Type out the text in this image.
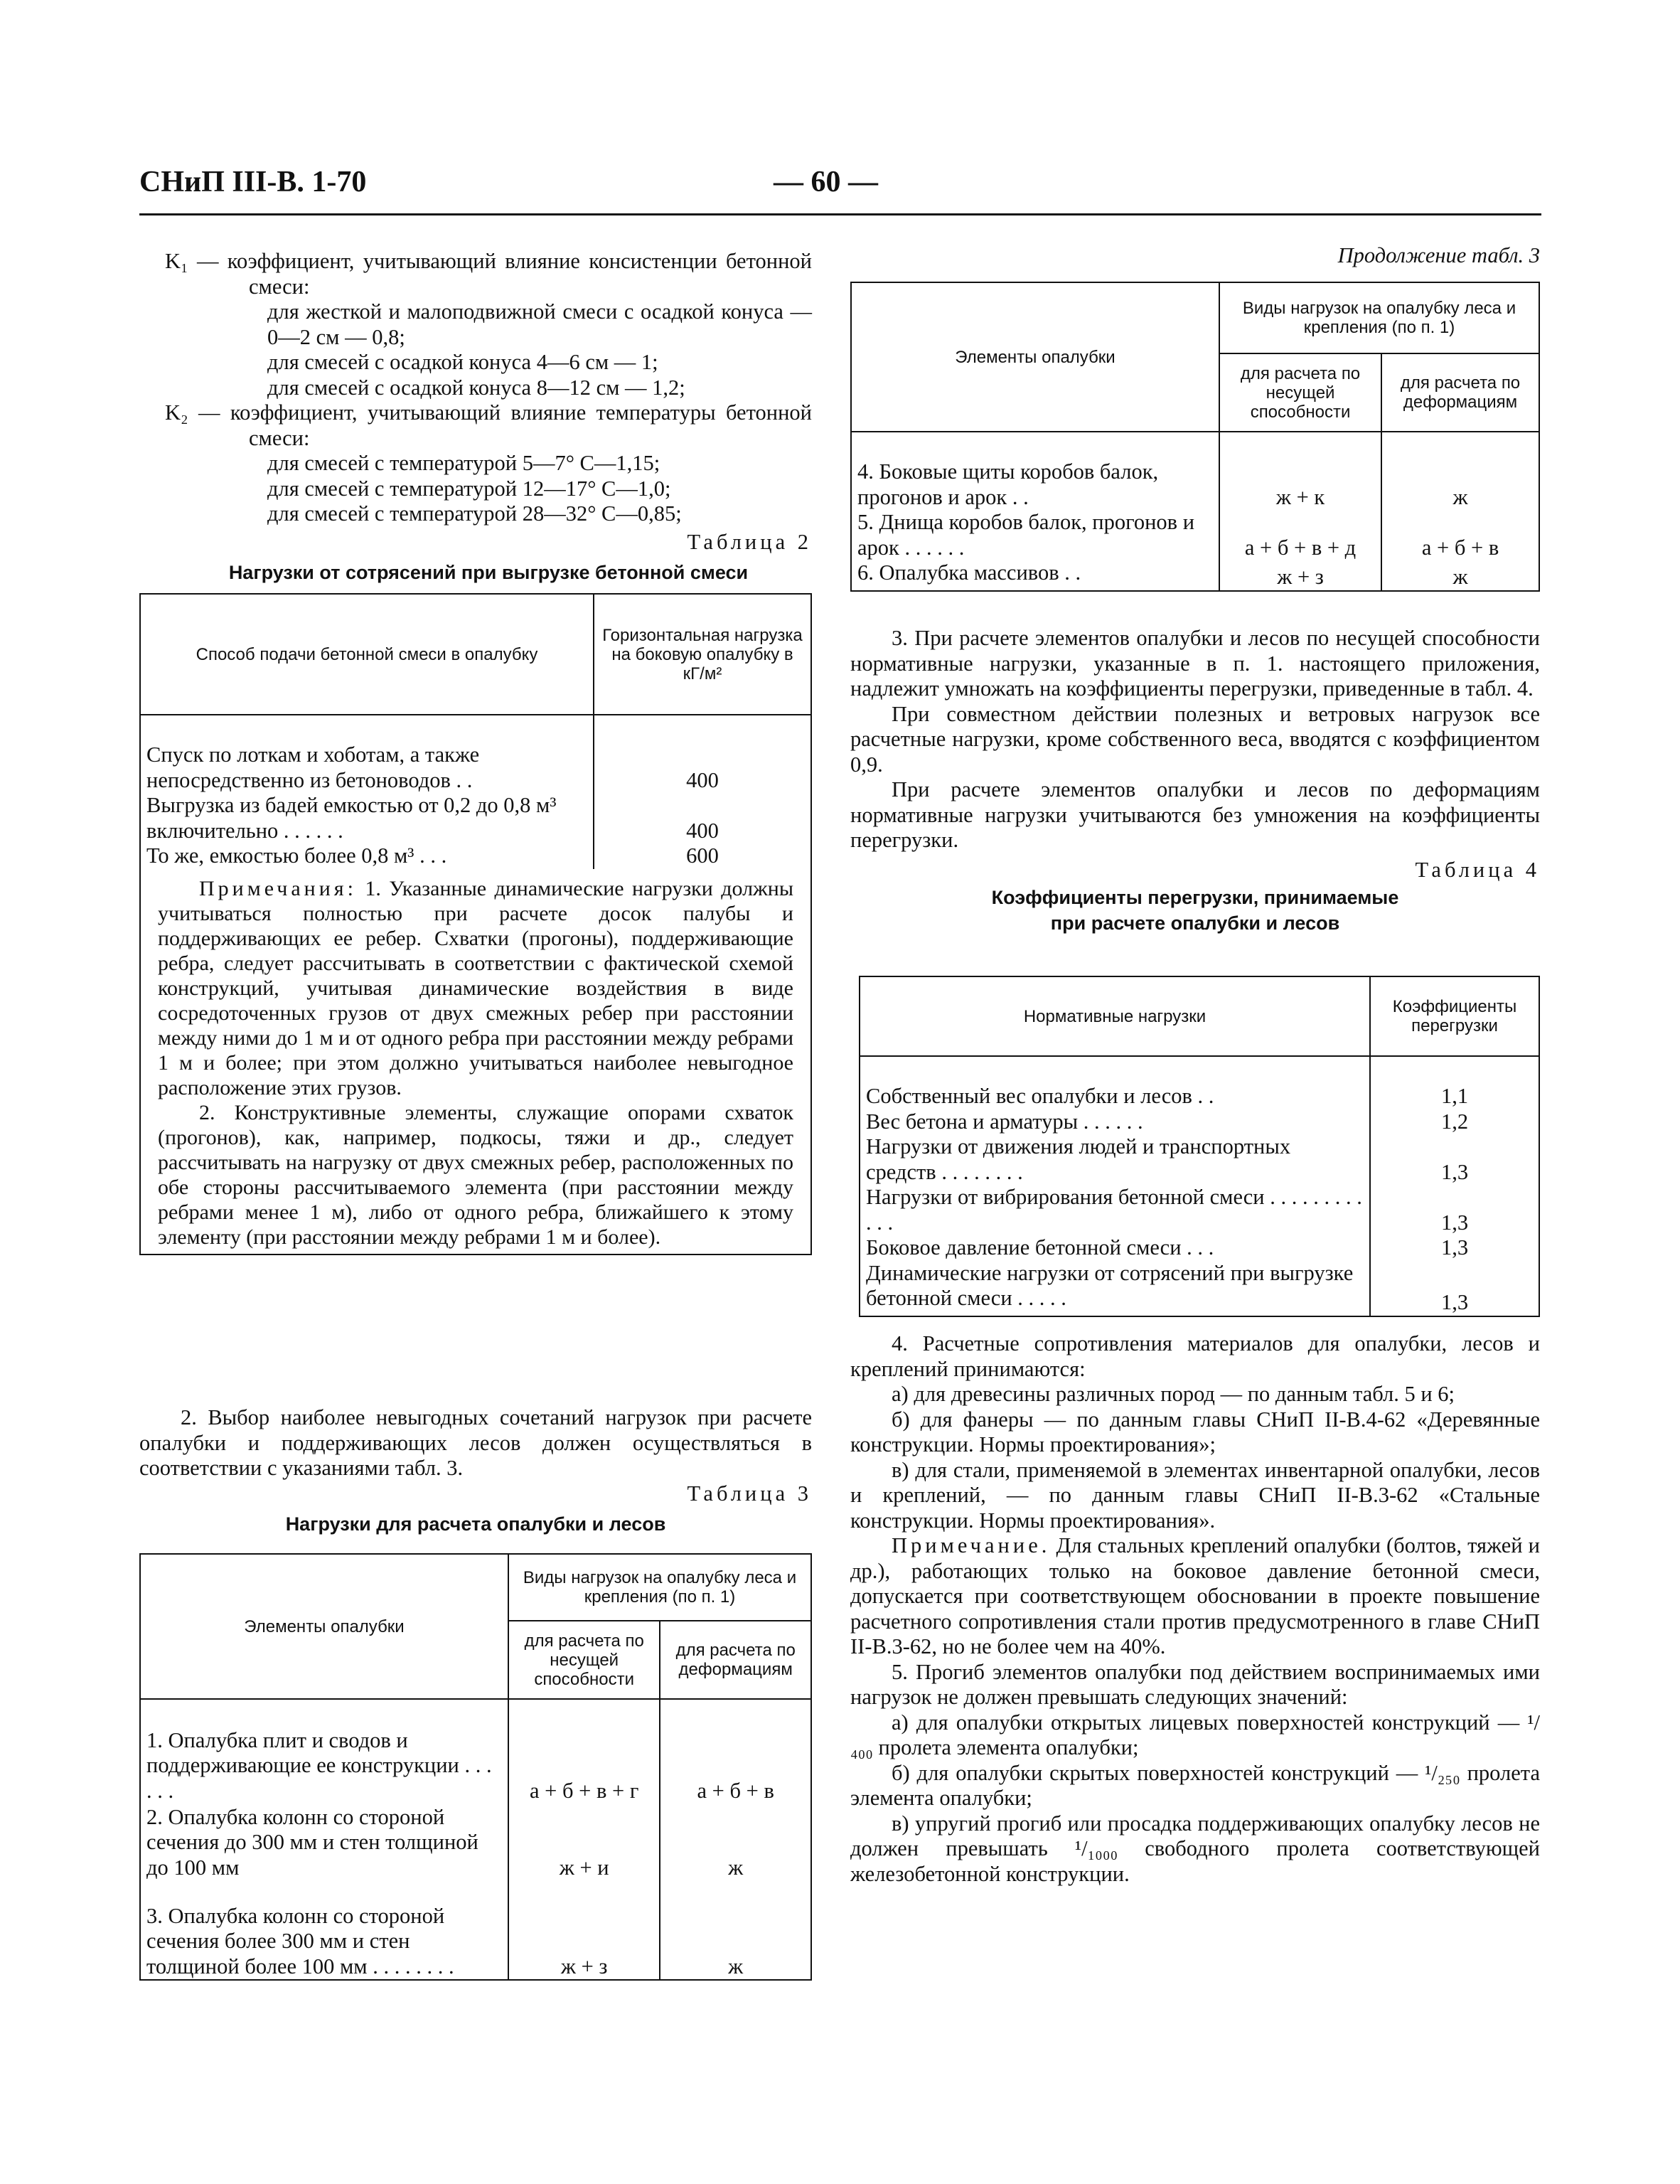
СНиП III-В. 1-70	— 60 —

K₁ — коэффициент, учитывающий влияние консистенции бетонной смеси:

для жесткой и малоподвижной смеси с осадкой конуса — 0—2 см — 0,8;

для смесей с осадкой конуса 4—6 см — 1;

для смесей с осадкой конуса 8—12 см — 1,2;

K₂ — коэффициент, учитывающий влияние температуры бетонной смеси:

для смесей с температурой 5—7° С—1,15;

для смесей с температурой 12—17° С—1,0;

для смесей с температурой 28—32° С—0,85;

Таблица 2

Нагрузки от сотрясений при выгрузке бетонной смеси

Способ подачи бетонной смеси в опалубку	Горизонтальная нагрузка на боковую опалубку в кГ/м²

Спуск по лоткам и хоботам, а также непосредственно из бетоноводов . .	400
Выгрузка из бадей емкостью от 0,2 до 0,8 м³ включительно . . . . . .	400
То же, емкостью более 0,8 м³ . . .	600

Примечания: 1. Указанные динамические нагрузки должны учитываться полностью при расчете досок палубы и поддерживающих ее ребер. Схватки (прогоны), поддерживающие ребра, следует рассчитывать в соответствии с фактической схемой конструкций, учитывая динамические воздействия в виде сосредоточенных грузов от двух смежных ребер при расстоянии между ними до 1 м и от одного ребра при расстоянии между ребрами 1 м и более; при этом должно учитываться наиболее невыгодное расположение этих грузов.

2. Конструктивные элементы, служащие опорами схваток (прогонов), как, например, подкосы, тяжи и др., следует рассчитывать на нагрузку от двух смежных ребер, расположенных по обе стороны рассчитываемого элемента (при расстоянии между ребрами менее 1 м), либо от одного ребра, ближайшего к этому элементу (при расстоянии между ребрами 1 м и более).	

2. Выбор наиболее невыгодных сочетаний нагрузок при расчете опалубки и поддерживающих лесов должен осуществляться в соответствии с указаниями табл. 3.

Таблица 3

Нагрузки для расчета опалубки и лесов

Элементы опалубки	Виды нагрузок на опалубку леса и крепления (по п. 1)	
	для расчета по несущей способности	для расчета по деформациям

1. Опалубка плит и сводов и поддерживающие ее конструкции . . . . . .	а + б + в + г	а + б + в
2. Опалубка колонн со стороной сечения до 300 мм и стен толщиной до 100 мм	ж + и	ж
3. Опалубка колонн со стороной сечения более 300 мм и стен толщиной более 100 мм . . . . . . . .	ж + з	ж

Продолжение табл. 3

Элементы опалубки	Виды нагрузок на опалубку леса и крепления (по п. 1)	
	для расчета по несущей способности	для расчета по деформациям

4. Боковые щиты коробов балок, прогонов и арок . .	ж + к	ж
5. Днища коробов балок, прогонов и арок . . . . . .	а + б + в + д	а + б + в
6. Опалубка массивов . .	ж + з	ж

3. При расчете элементов опалубки и лесов по несущей способности нормативные нагрузки, указанные в п. 1. настоящего приложения, надлежит умножать на коэффициенты перегрузки, приведенные в табл. 4.

При совместном действии полезных и ветровых нагрузок все расчетные нагрузки, кроме собственного веса, вводятся с коэффициентом 0,9.

При расчете элементов опалубки и лесов по деформациям нормативные нагрузки учитываются без умножения на коэффициенты перегрузки.

Таблица 4

Коэффициенты перегрузки, принимаемые

при расчете опалубки и лесов

Нормативные нагрузки	Коэффициенты перегрузки

Собственный вес опалубки и лесов . .	1,1
Вес бетона и арматуры . . . . . .	1,2
Нагрузки от движения людей и транспортных средств . . . . . . . .	1,3
Нагрузки от вибрирования бетонной смеси . . . . . . . . . . . .	1,3
Боковое давление бетонной смеси . . .	1,3
Динамические нагрузки от сотрясений при выгрузке бетонной смеси . . . . .	1,3

4. Расчетные сопротивления материалов для опалубки, лесов и креплений принимаются:

а) для древесины различных пород — по данным табл. 5 и 6;

б) для фанеры — по данным главы СНиП II-В.4-62 «Деревянные конструкции. Нормы проектирования»;

в) для стали, применяемой в элементах инвентарной опалубки, лесов и креплений, — по данным главы СНиП II-В.3-62 «Стальные конструкции. Нормы проектирования».

Примечание. Для стальных креплений опалубки (болтов, тяжей и др.), работающих только на боковое давление бетонной смеси, допускается при соответствующем обосновании в проекте повышение расчетного сопротивления стали против предусмотренного в главе СНиП II-В.3-62, но не более чем на 40%.

5. Прогиб элементов опалубки под действием воспринимаемых ими нагрузок не должен превышать следующих значений:

а) для опалубки открытых лицевых поверхностей конструкций — ¹/₄₀₀ пролета элемента опалубки;

б) для опалубки скрытых поверхностей конструкций — ¹/₂₅₀ пролета элемента опалубки;

в) упругий прогиб или просадка поддерживающих опалубку лесов не должен превышать ¹/₁₀₀₀ свободного пролета соответствующей железобетонной конструкции.
